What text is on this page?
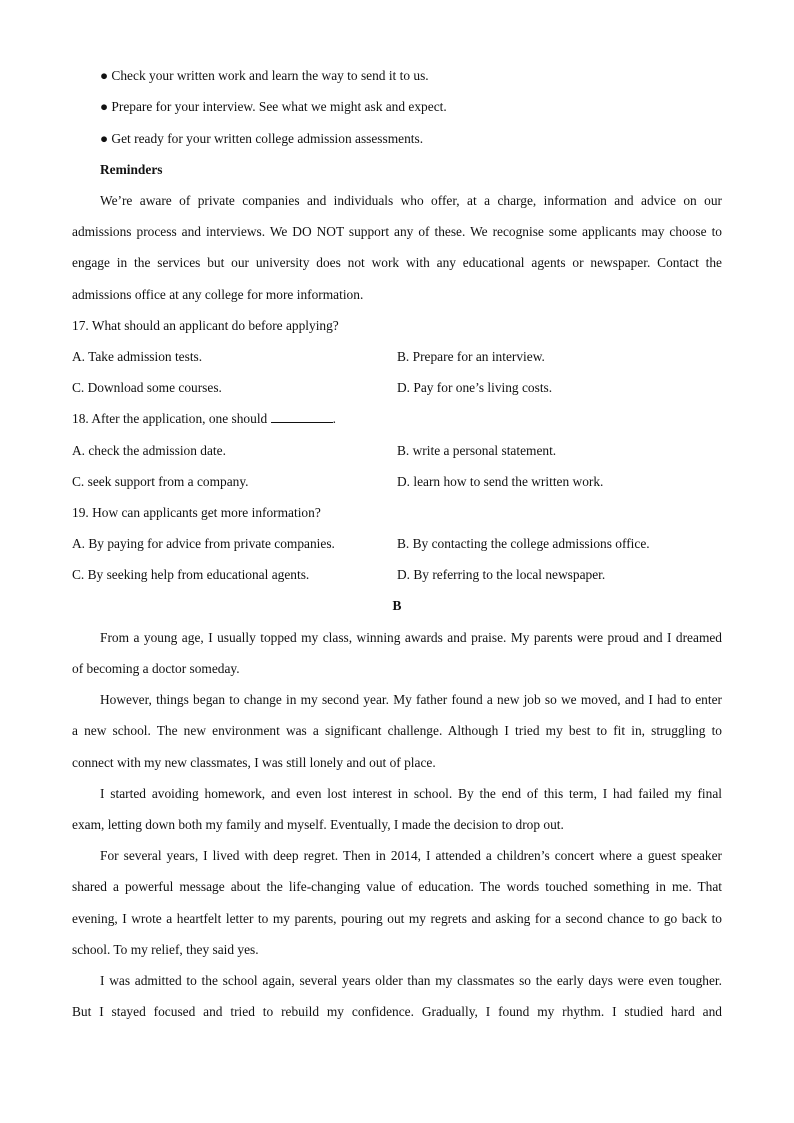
● Check your written work and learn the way to send it to us.
● Prepare for your interview. See what we might ask and expect.
● Get ready for your written college admission assessments.
Reminders
We’re aware of private companies and individuals who offer, at a charge, information and advice on our
admissions process and interviews. We DO NOT support any of these. We recognise some applicants may choose to
engage in the services but our university does not work with any educational agents or newspaper. Contact the
admissions office at any college for more information.
17. What should an applicant do before applying?
A. Take admission tests.	B. Prepare for an interview.
C. Download some courses.	D. Pay for one’s living costs.
18. After the application, one should	.
A. check the admission date.	B. write a personal statement.
C. seek support from a company.	D. learn how to send the written work.
19. How can applicants get more information?
A. By paying for advice from private companies.	B. By contacting the college admissions office.
C. By seeking help from educational agents.	D. By referring to the local newspaper.
B
From a young age, I usually topped my class, winning awards and praise. My parents were proud and I dreamed
of becoming a doctor someday.
However, things began to change in my second year. My father found a new job so we moved, and I had to enter
a new school. The new environment was a significant challenge. Although I tried my best to fit in, struggling to
connect with my new classmates, I was still lonely and out of place.
I started avoiding homework, and even lost interest in school. By the end of this term, I had failed my final
exam, letting down both my family and myself. Eventually, I made the decision to drop out.
For several years, I lived with deep regret. Then in 2014, I attended a children’s concert where a guest speaker
shared a powerful message about the life-changing value of education. The words touched something in me. That
evening, I wrote a heartfelt letter to my parents, pouring out my regrets and asking for a second chance to go back to
school. To my relief, they said yes.
I was admitted to the school again, several years older than my classmates so the early days were even tougher.
But I stayed focused and tried to rebuild my confidence. Gradually, I found my rhythm. I studied hard and
